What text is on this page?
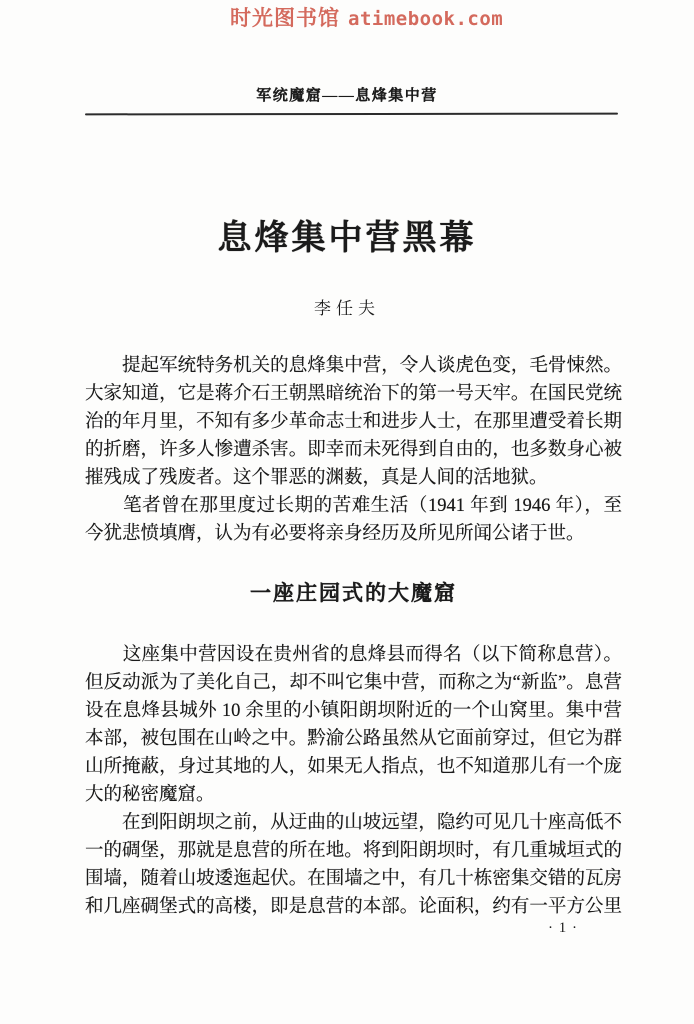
时光图书馆 atimebook.com
军统魔窟——息烽集中营
息烽集中营黑幕
李任夫
　　提起军统特务机关的息烽集中营，令人谈虎色变，毛骨悚然。
大家知道，它是蒋介石王朝黑暗统治下的第一号天牢。在国民党统
治的年月里，不知有多少革命志士和进步人士，在那里遭受着长期
的折磨，许多人惨遭杀害。即幸而未死得到自由的，也多数身心被
摧残成了残废者。这个罪恶的渊薮，真是人间的活地狱。
　　笔者曾在那里度过长期的苦难生活（1941 年到 1946 年），至
今犹悲愤填膺，认为有必要将亲身经历及所见所闻公诸于世。
一座庄园式的大魔窟
　　这座集中营因设在贵州省的息烽县而得名（以下简称息营）。
但反动派为了美化自己，却不叫它集中营，而称之为“新监”。息营
设在息烽县城外 10 余里的小镇阳朗坝附近的一个山窝里。集中营
本部，被包围在山岭之中。黔渝公路虽然从它面前穿过，但它为群
山所掩蔽，身过其地的人，如果无人指点，也不知道那儿有一个庞
大的秘密魔窟。
　　在到阳朗坝之前，从迂曲的山坡远望，隐约可见几十座高低不
一的碉堡，那就是息营的所在地。将到阳朗坝时，有几重城垣式的
围墙，随着山坡逶迤起伏。在围墙之中，有几十栋密集交错的瓦房
和几座碉堡式的高楼，即是息营的本部。论面积，约有一平方公里
· 1 ·
